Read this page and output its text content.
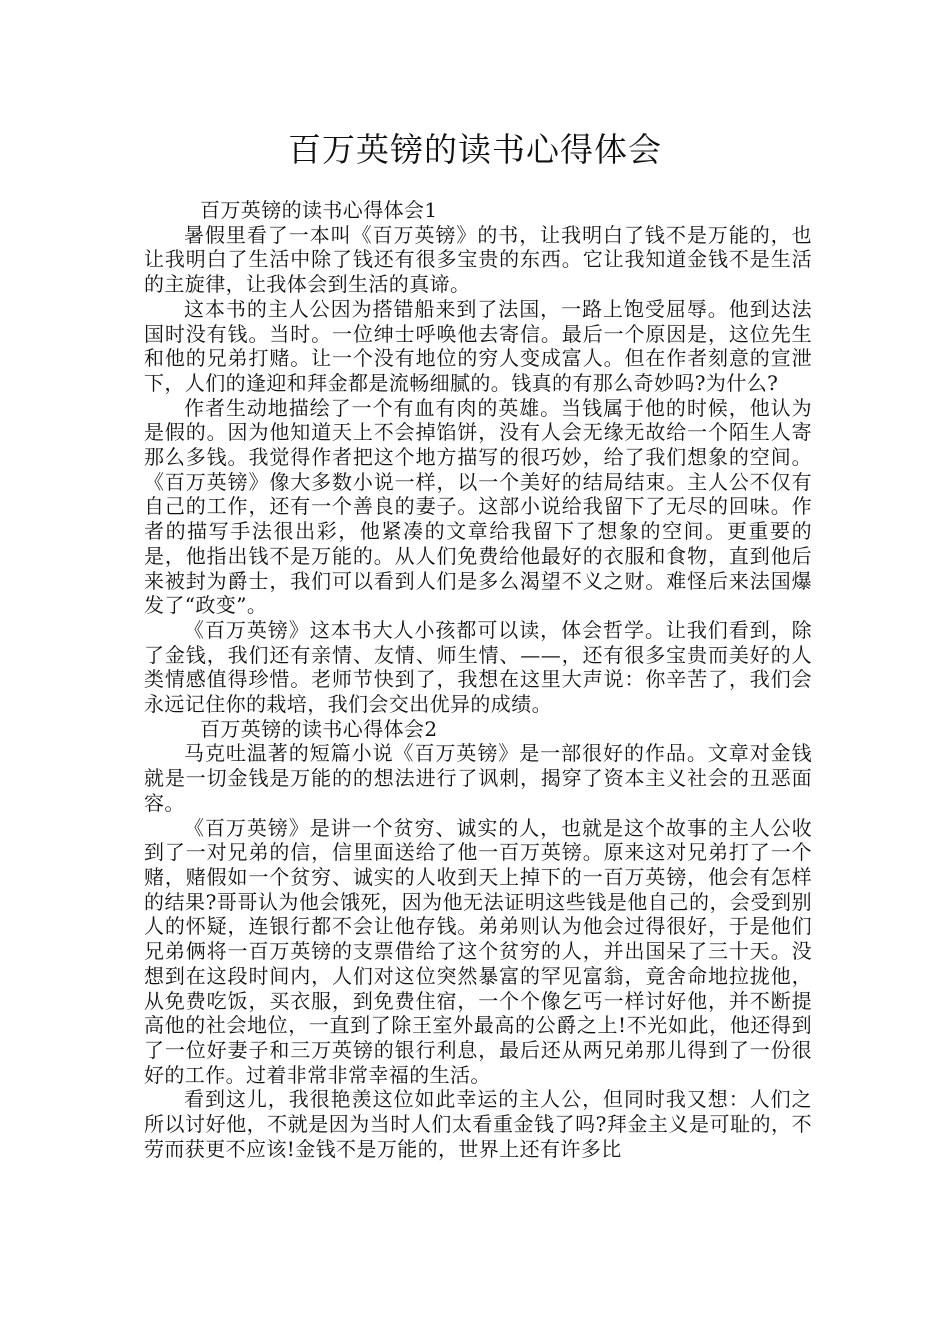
百万英镑的读书心得体会
百万英镑的读书心得体会1

暑假里看了一本叫《百万英镑》的书，让我明白了钱不是万能的，也让我明白了生活中除了钱还有很多宝贵的东西。它让我知道金钱不是生活的主旋律，让我体会到生活的真谛。

这本书的主人公因为搭错船来到了法国，一路上饱受屈辱。他到达法国时没有钱。当时。一位绅士呼唤他去寄信。最后一个原因是，这位先生和他的兄弟打赌。让一个没有地位的穷人变成富人。但在作者刻意的宣泄下，人们的逢迎和拜金都是流畅细腻的。钱真的有那么奇妙吗?为什么?

作者生动地描绘了一个有血有肉的英雄。当钱属于他的时候，他认为是假的。因为他知道天上不会掉馅饼，没有人会无缘无故给一个陌生人寄那么多钱。我觉得作者把这个地方描写的很巧妙，给了我们想象的空间。《百万英镑》像大多数小说一样，以一个美好的结局结束。主人公不仅有自己的工作，还有一个善良的妻子。这部小说给我留下了无尽的回味。作者的描写手法很出彩，他紧凑的文章给我留下了想象的空间。更重要的是，他指出钱不是万能的。从人们免费给他最好的衣服和食物，直到他后来被封为爵士，我们可以看到人们是多么渴望不义之财。难怪后来法国爆发了“政变”。

《百万英镑》这本书大人小孩都可以读，体会哲学。让我们看到，除了金钱，我们还有亲情、友情、师生情、——，还有很多宝贵而美好的人类情感值得珍惜。老师节快到了，我想在这里大声说：你辛苦了，我们会永远记住你的栽培，我们会交出优异的成绩。

百万英镑的读书心得体会2

马克吐温著的短篇小说《百万英镑》是一部很好的作品。文章对金钱就是一切金钱是万能的的想法进行了讽刺，揭穿了资本主义社会的丑恶面容。

《百万英镑》是讲一个贫穷、诚实的人，也就是这个故事的主人公收到了一对兄弟的信，信里面送给了他一百万英镑。原来这对兄弟打了一个赌，赌假如一个贫穷、诚实的人收到天上掉下的一百万英镑，他会有怎样的结果?哥哥认为他会饿死，因为他无法证明这些钱是他自己的，会受到别人的怀疑，连银行都不会让他存钱。弟弟则认为他会过得很好，于是他们兄弟俩将一百万英镑的支票借给了这个贫穷的人，并出国呆了三十天。没想到在这段时间内，人们对这位突然暴富的罕见富翁，竟舍命地拉拢他，从免费吃饭，买衣服，到免费住宿，一个个像乞丐一样讨好他，并不断提高他的社会地位，一直到了除王室外最高的公爵之上!不光如此，他还得到了一位好妻子和三万英镑的银行利息，最后还从两兄弟那儿得到了一份很好的工作。过着非常非常幸福的生活。

看到这儿，我很艳羡这位如此幸运的主人公，但同时我又想：人们之所以讨好他，不就是因为当时人们太看重金钱了吗?拜金主义是可耻的，不劳而获更不应该!金钱不是万能的，世界上还有许多比
